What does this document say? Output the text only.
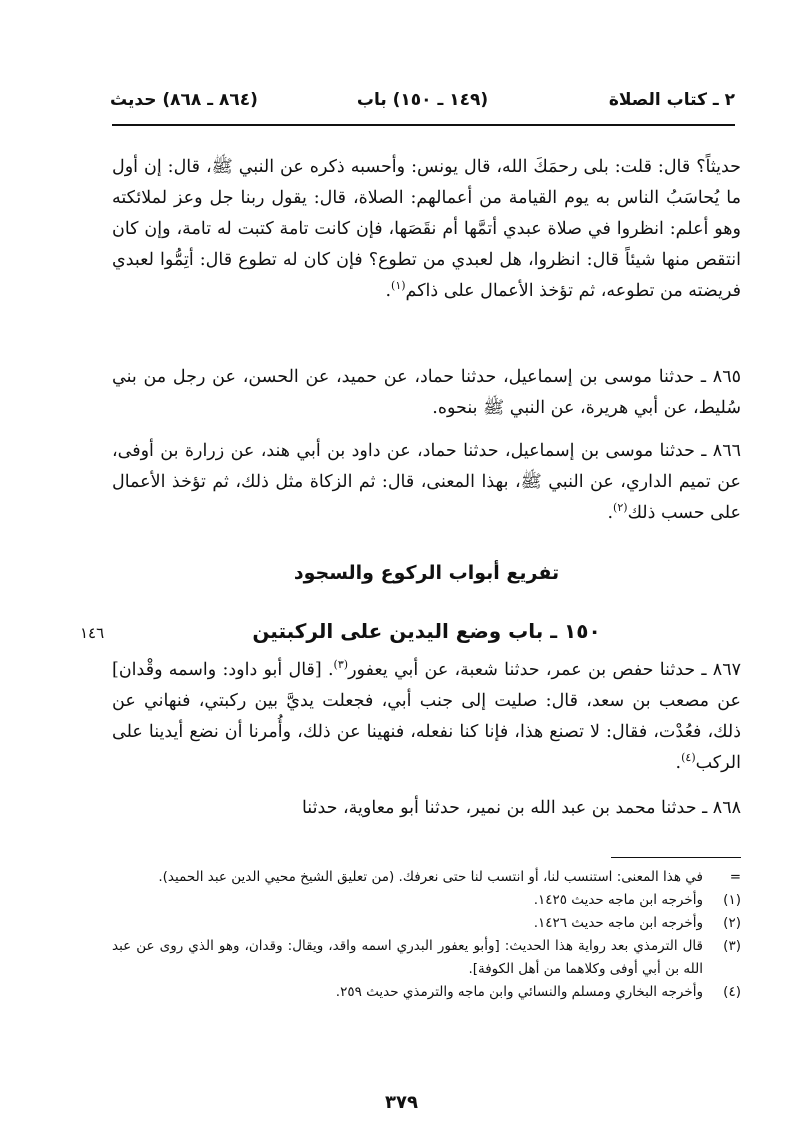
٢ ـ كتاب الصلاة
(١٤٩ ـ ١٥٠) باب
(٨٦٤ ـ ٨٦٨) حديث
حديثاً؟ قال: قلت: بلى رحمَكَ الله، قال يونس: وأحسبه ذكره عن النبي ﷺ، قال: إن أول ما يُحاسَبُ الناس به يوم القيامة من أعمالهم: الصلاة، قال: يقول ربنا جل وعز لملائكته وهو أعلم: انظروا في صلاة عبدي أتمَّها أم نقَصَها، فإن كانت تامة كتبت له تامة، وإن كان انتقص منها شيئاً قال: انظروا، هل لعبدي من تطوع؟ فإن كان له تطوع قال: أتِمُّوا لعبدي فريضته من تطوعه، ثم تؤخذ الأعمال على ذاكم$^{(١)}$.
٨٦٥ ـ حدثنا موسى بن إسماعيل، حدثنا حماد، عن حميد، عن الحسن، عن رجل من بني سُليط، عن أبي هريرة، عن النبي ﷺ بنحوه.
٨٦٦ ـ حدثنا موسى بن إسماعيل، حدثنا حماد، عن داود بن أبي هند، عن زرارة بن أوفى، عن تميم الداري، عن النبي ﷺ، بهذا المعنى، قال: ثم الزكاة مثل ذلك، ثم تؤخذ الأعمال على حسب ذلك$^{(٢)}$.
تفريع أبواب الركوع والسجود
١٥٠ ـ باب وضع اليدين على الركبتين
١٤٦
٨٦٧ ـ حدثنا حفص بن عمر، حدثنا شعبة، عن أبي يعفور$^{(٣)}$. [قال أبو داود: واسمه وقْدان] عن مصعب بن سعد، قال: صليت إلى جنب أبي، فجعلت يديَّ بين ركبتي، فنهاني عن ذلك، فعُدْت، فقال: لا تصنع هذا، فإنا كنا نفعله، فنهينا عن ذلك، وأُمرنا أن نضع أيدينا على الركب$^{(٤)}$.
٨٦٨ ـ حدثنا محمد بن عبد الله بن نمير، حدثنا أبو معاوية، حدثنا
=
في هذا المعنى: استنسب لنا، أو انتسب لنا حتى نعرفك. (من تعليق الشيخ محيي الدين عبد الحميد).
(١)
وأخرجه ابن ماجه حديث ١٤٢٥.
(٢)
وأخرجه ابن ماجه حديث ١٤٢٦.
(٣)
قال الترمذي بعد رواية هذا الحديث: [وأبو يعفور البدري اسمه واقد، ويقال: وقدان، وهو الذي روى عن عبد الله بن أبي أوفى وكلاهما من أهل الكوفة].
(٤)
وأخرجه البخاري ومسلم والنسائي وابن ماجه والترمذي حديث ٢٥٩.
٣٧٩
